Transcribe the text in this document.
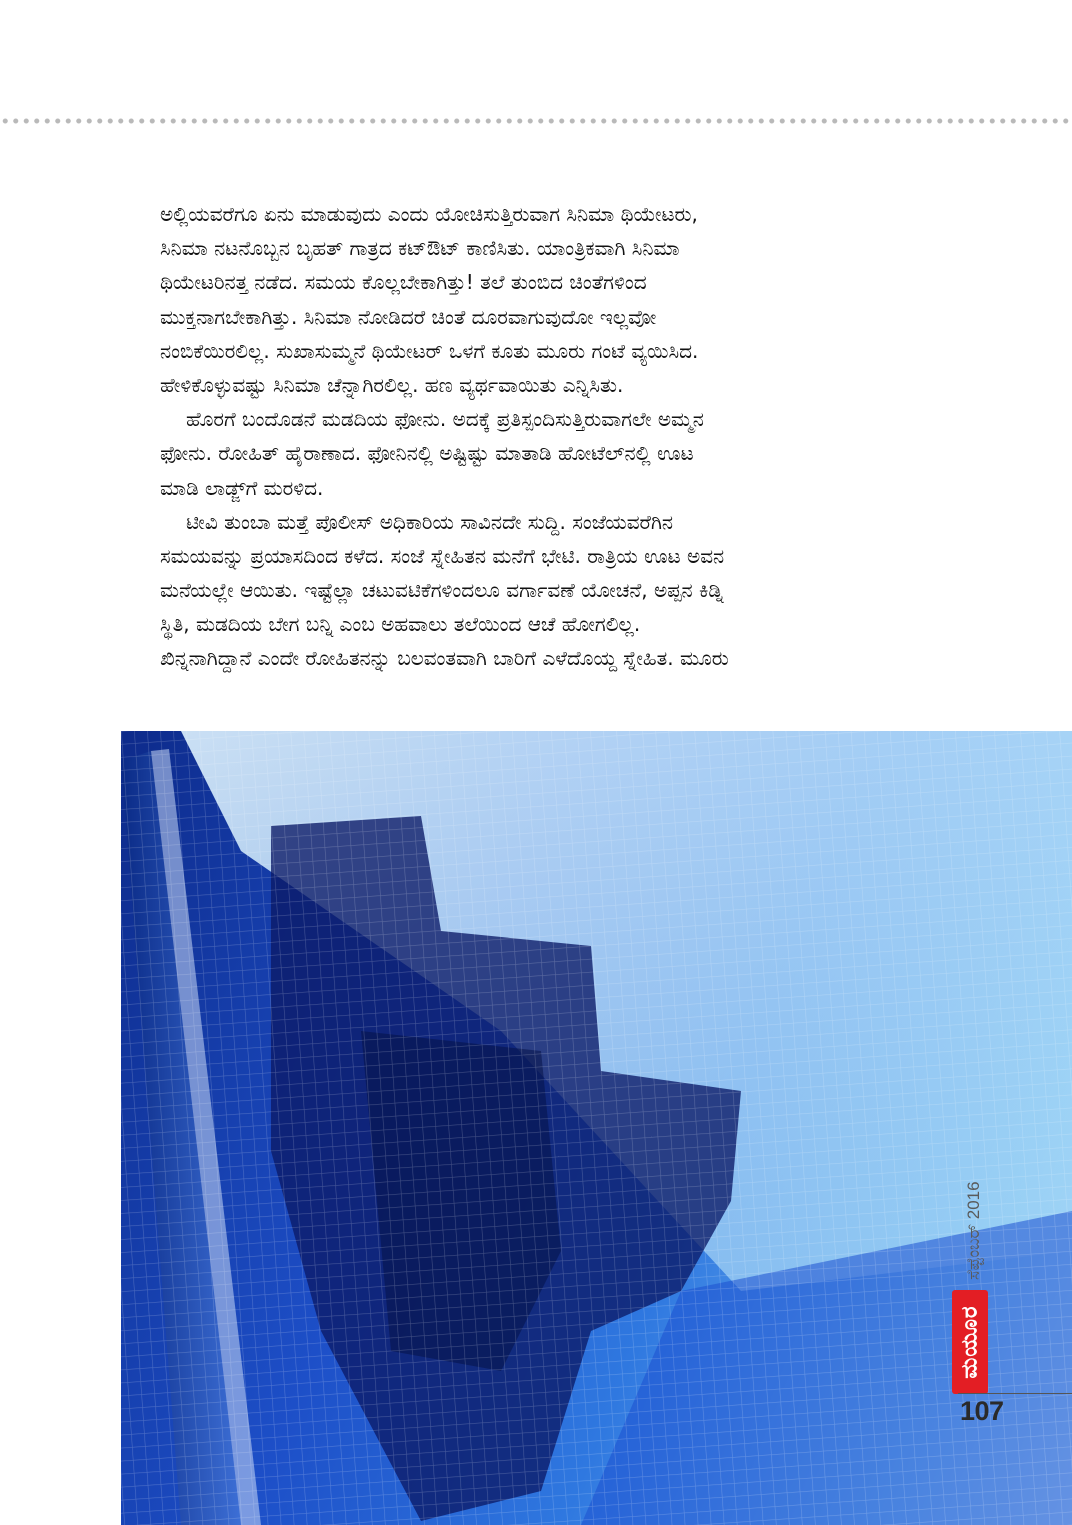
ಅಲ್ಲಿಯವರೆಗೂ ಏನು ಮಾಡುವುದು ಎಂದು ಯೋಚಿಸುತ್ತಿರುವಾಗ ಸಿನಿಮಾ ಥಿಯೇಟರು,
ಸಿನಿಮಾ ನಟನೊಬ್ಬನ ಬೃಹತ್ ಗಾತ್ರದ ಕಟ್‌ಔಟ್ ಕಾಣಿಸಿತು. ಯಾಂತ್ರಿಕವಾಗಿ ಸಿನಿಮಾ
ಥಿಯೇಟರಿನತ್ತ ನಡೆದ. ಸಮಯ ಕೊಲ್ಲಬೇಕಾಗಿತ್ತು! ತಲೆ ತುಂಬಿದ ಚಿಂತೆಗಳಿಂದ
ಮುಕ್ತನಾಗಬೇಕಾಗಿತ್ತು. ಸಿನಿಮಾ ನೋಡಿದರೆ ಚಿಂತೆ ದೂರವಾಗುವುದೋ ಇಲ್ಲವೋ
ನಂಬಿಕೆಯಿರಲಿಲ್ಲ. ಸುಖಾಸುಮ್ಮನೆ ಥಿಯೇಟರ್ ಒಳಗೆ ಕೂತು ಮೂರು ಗಂಟೆ ವ್ಯಯಿಸಿದ.
ಹೇಳಿಕೊಳ್ಳುವಷ್ಟು ಸಿನಿಮಾ ಚೆನ್ನಾಗಿರಲಿಲ್ಲ. ಹಣ ವ್ಯರ್ಥವಾಯಿತು ಎನ್ನಿಸಿತು.
ಹೊರಗೆ ಬಂದೊಡನೆ ಮಡದಿಯ ಫೋನು. ಅದಕ್ಕೆ ಪ್ರತಿಸ್ಪಂದಿಸುತ್ತಿರುವಾಗಲೇ ಅಮ್ಮನ
ಫೋನು. ರೋಹಿತ್ ಹೈರಾಣಾದ. ಫೋನಿನಲ್ಲಿ ಅಷ್ಟಿಷ್ಟು ಮಾತಾಡಿ ಹೋಟೆಲ್‌ನಲ್ಲಿ ಊಟ
ಮಾಡಿ ಲಾಡ್ಜ್‌ಗೆ ಮರಳಿದ.
ಟೀವಿ ತುಂಬಾ ಮತ್ತೆ ಪೊಲೀಸ್ ಅಧಿಕಾರಿಯ ಸಾವಿನದೇ ಸುದ್ದಿ. ಸಂಜೆಯವರೆಗಿನ
ಸಮಯವನ್ನು ಪ್ರಯಾಸದಿಂದ ಕಳೆದ. ಸಂಜೆ ಸ್ನೇಹಿತನ ಮನೆಗೆ ಭೇಟಿ. ರಾತ್ರಿಯ ಊಟ ಅವನ
ಮನೆಯಲ್ಲೇ ಆಯಿತು. ಇಷ್ಟೆಲ್ಲಾ ಚಟುವಟಿಕೆಗಳಿಂದಲೂ ವರ್ಗಾವಣೆ ಯೋಚನೆ, ಅಪ್ಪನ ಕಿಡ್ನಿ
ಸ್ಥಿತಿ, ಮಡದಿಯ ಬೇಗ ಬನ್ನಿ ಎಂಬ ಅಹವಾಲು ತಲೆಯಿಂದ ಆಚೆ ಹೋಗಲಿಲ್ಲ.
ಖಿನ್ನನಾಗಿದ್ದಾನೆ ಎಂದೇ ರೋಹಿತನನ್ನು ಬಲವಂತವಾಗಿ ಬಾರಿಗೆ ಎಳೆದೊಯ್ದ ಸ್ನೇಹಿತ. ಮೂರು
ಸೆಪ್ಟೆಂಬರ್ 2016
ಮಯೂರ
107
